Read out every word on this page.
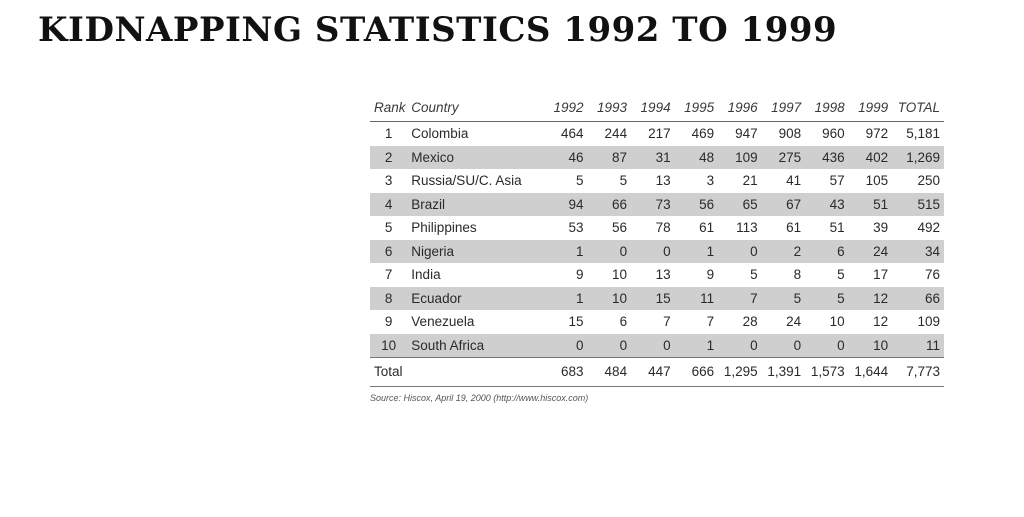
KIDNAPPING STATISTICS 1992 TO 1999
Rank	Country	1992	1993	1994	1995	1996	1997	1998	1999	TOTAL
1	Colombia	464	244	217	469	947	908	960	972	5,181
2	Mexico	46	87	31	48	109	275	436	402	1,269
3	Russia/SU/C. Asia	5	5	13	3	21	41	57	105	250
4	Brazil	94	66	73	56	65	67	43	51	515
5	Philippines	53	56	78	61	113	61	51	39	492
6	Nigeria	1	0	0	1	0	2	6	24	34
7	India	9	10	13	9	5	8	5	17	76
8	Ecuador	1	10	15	11	7	5	5	12	66
9	Venezuela	15	6	7	7	28	24	10	12	109
10	South Africa	0	0	0	1	0	0	0	10	11
Total		683	484	447	666	1,295	1,391	1,573	1,644	7,773
Source: Hiscox, April 19, 2000 (http://www.hiscox.com)
